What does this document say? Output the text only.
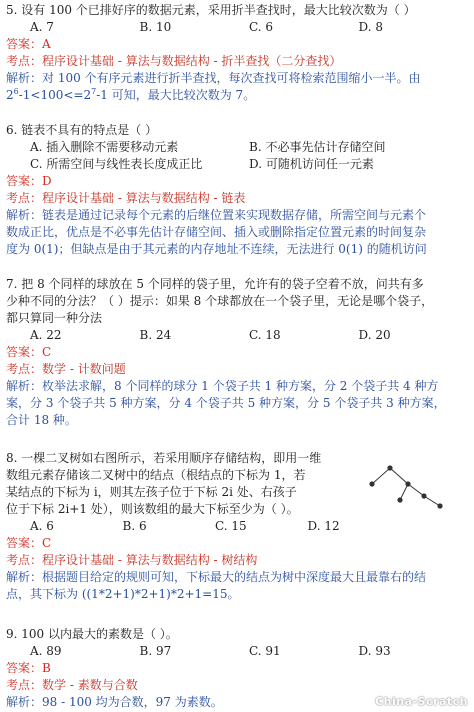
5. 设有 100 个已排好序的数据元素，采用折半查找时，最大比较次数为（ ）

A. 7	B. 10	C. 6	D. 8
答案：A
考点：程序设计基础 - 算法与数据结构 - 折半查找（二分查找）
解析：对 100 个有序元素进行折半查找，每次查找可将检索范围缩小一半。由
$2^6-1<100<=2^7-1$ 可知，最大比较次数为 7。

6. 链表不具有的特点是（ ）

A. 插入删除不需要移动元素	B. 不必事先估计存储空间
C. 所需空间与线性表长度成正比	D. 可随机访问任一元素
答案：D
考点：程序设计基础 - 算法与数据结构 - 链表
解析：链表是通过记录每个元素的后继位置来实现数据存储，所需空间与元素个
数成正比，优点是不必事先估计存储空间、插入或删除指定位置元素的时间复杂
度为 0(1)；但缺点是由于其元素的内存地址不连续，无法进行 0(1) 的随机访问
7. 把 8 个同样的球放在 5 个同样的袋子里，允许有的袋子空着不放，问共有多
少种不同的分法？（ ）提示：如果 8 个球都放在一个袋子里，无论是哪个袋子，
都只算同一种分法
A. 22	B. 24	C. 18	D. 20
答案：C
考点：数学 - 计数问题
解析：枚举法求解，8 个同样的球分 1 个袋子共 1 种方案，分 2 个袋子共 4 种方
案，分 3 个袋子共 5 种方案，分 4 个袋子共 5 种方案，分 5 个袋子共 3 种方案，
合计 18 种。
8. 一棵二叉树如右图所示，若采用顺序存储结构，即用一维
数组元素存储该二叉树中的结点（根结点的下标为 1，若
某结点的下标为 i，则其左孩子位于下标 2i 处、右孩子
位于下标 2i+1 处），则该数组的最大下标至少为（ ）。
A. 6	B. 6	C. 15	D. 12
答案：C
考点：程序设计基础 - 算法与数据结构 - 树结构
解析：根据题目给定的规则可知，下标最大的结点为树中深度最大且最靠右的结
点，其下标为 ((1*2+1)*2+1)*2+1=15。

9. 100 以内最大的素数是（ ）。

A. 89	B. 97	C. 91	D. 93
答案：B
考点：数学 - 素数与合数
解析：98 - 100 均为合数，97 为素数。	China-Scratch
